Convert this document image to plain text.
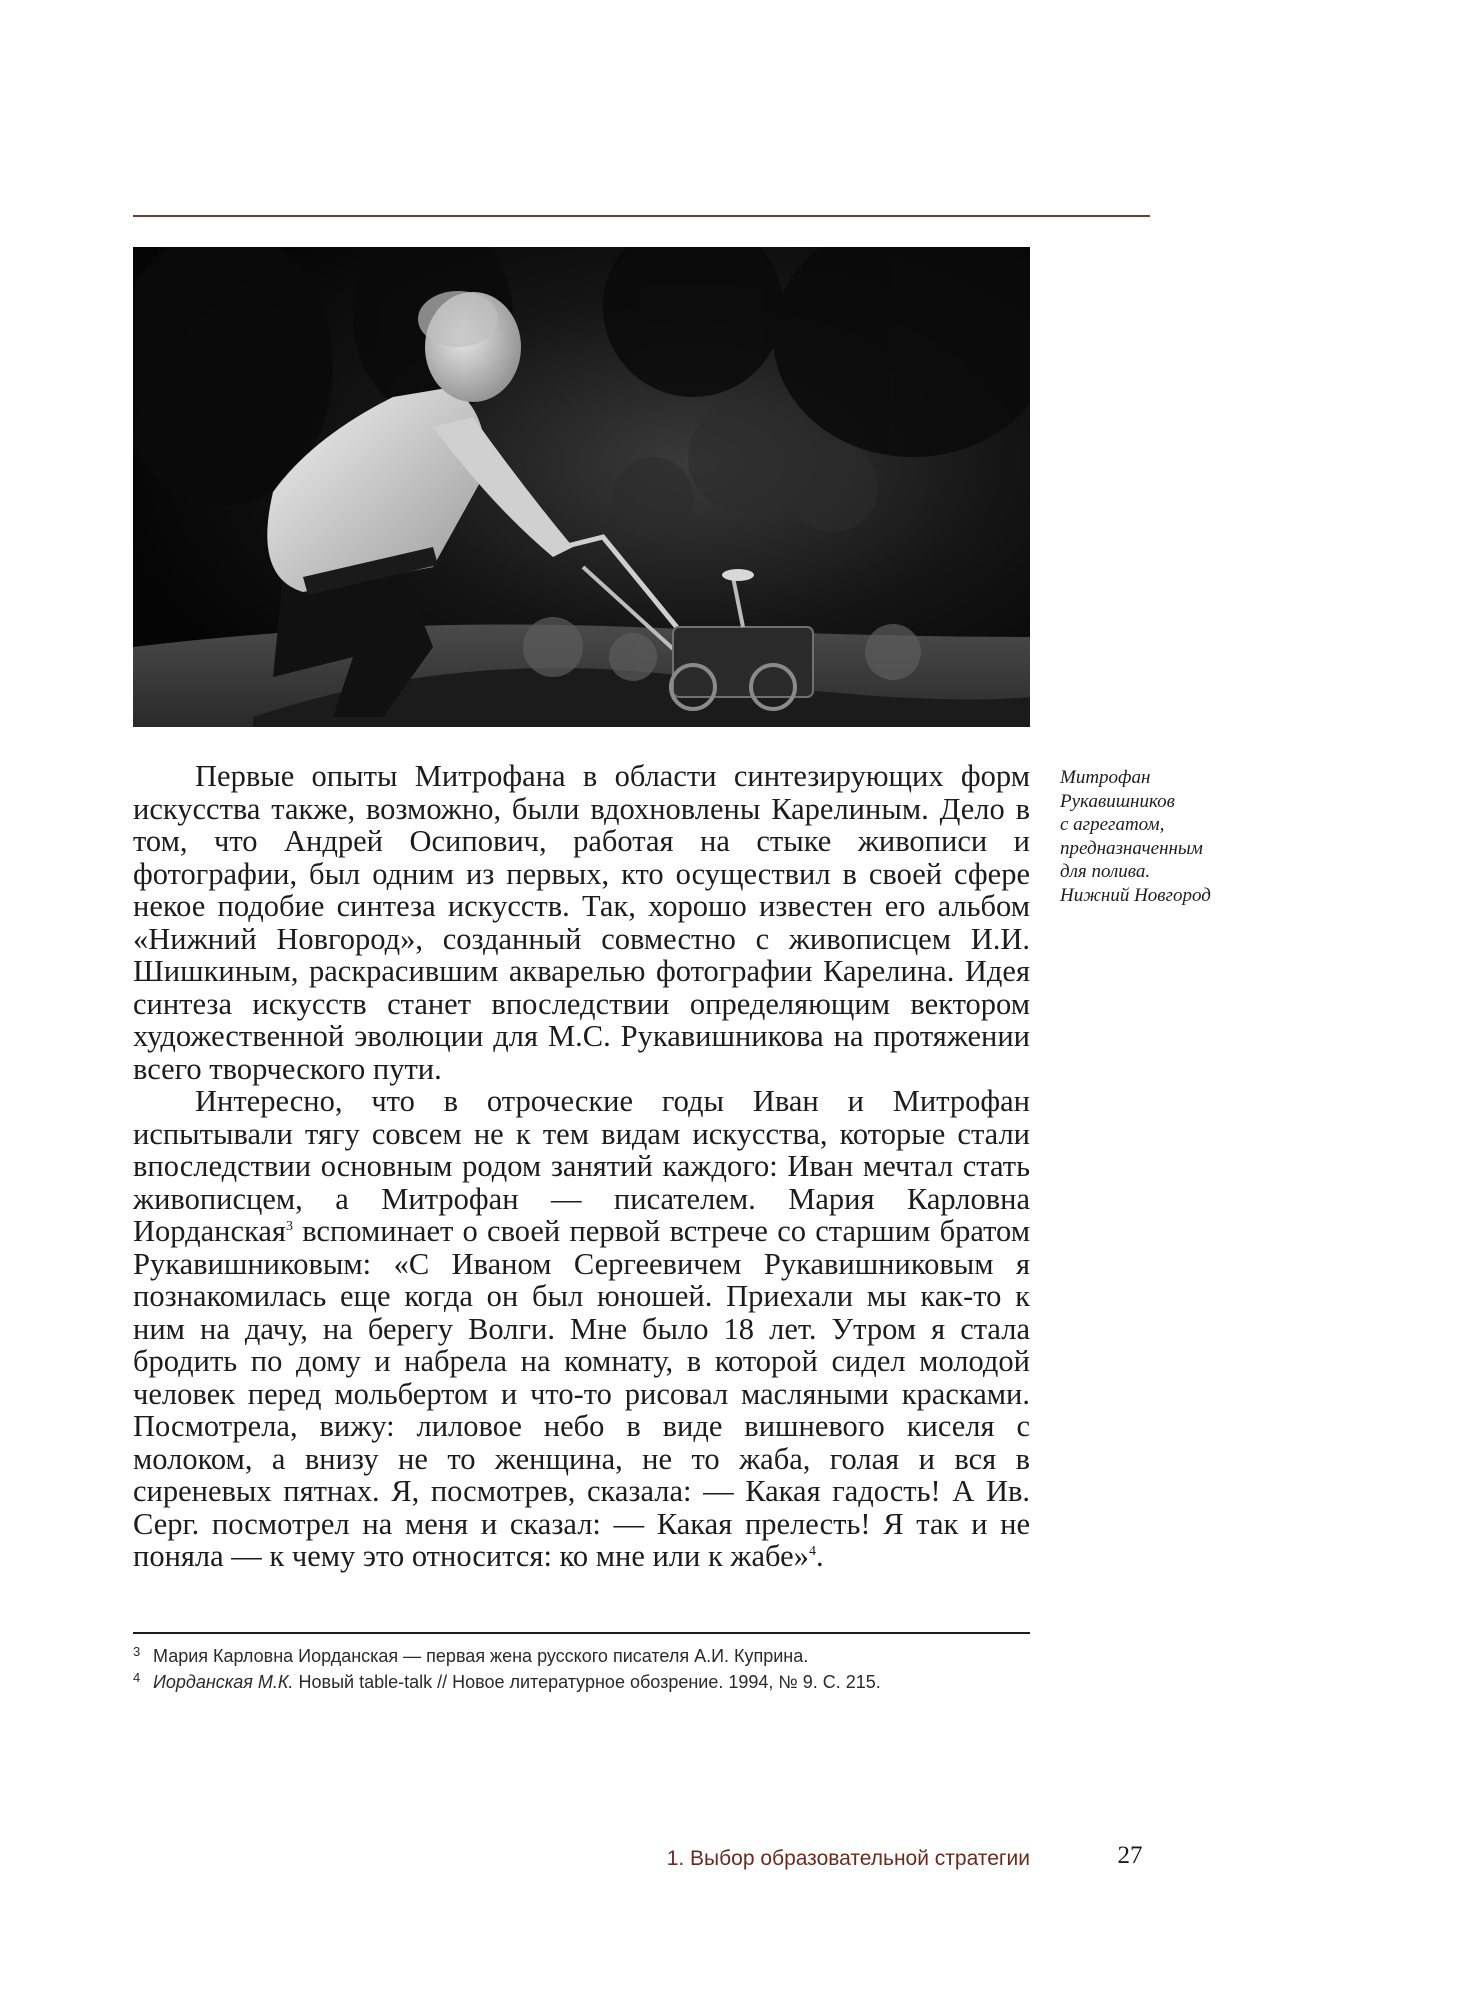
Первые опыты Митрофана в области синтезирующих форм искусства также, возможно, были вдохновлены Карелиным. Дело в том, что Андрей Осипович, работая на стыке живописи и фотографии, был одним из первых, кто осуществил в своей сфере некое подобие синтеза искусств. Так, хорошо известен его альбом «Нижний Новгород», созданный совместно с живописцем И.И. Шишкиным, раскрасившим акварелью фотографии Карелина. Идея синтеза искусств станет впоследствии определяющим вектором художественной эволюции для М.С. Рукавишникова на протяжении всего творческого пути.

Интересно, что в отроческие годы Иван и Митрофан испытывали тягу совсем не к тем видам искусства, которые стали впоследствии основным родом занятий каждого: Иван мечтал стать живописцем, а Митрофан — писателем. Мария Карловна Иорданская$^3$ вспоминает о своей первой встрече со старшим братом Рукавишниковым: «С Иваном Сергеевичем Рукавишниковым я познакомилась еще когда он был юношей. Приехали мы как-то к ним на дачу, на берегу Волги. Мне было 18 лет. Утром я стала бродить по дому и набрела на комнату, в которой сидел молодой человек перед мольбертом и что-то рисовал масляными красками. Посмотрела, вижу: лиловое небо в виде вишневого киселя с молоком, а внизу не то женщина, не то жаба, голая и вся в сиреневых пятнах. Я, посмотрев, сказала: — Какая гадость! А Ив. Серг. посмотрел на меня и сказал: — Какая прелесть! Я так и не поняла — к чему это относится: ко мне или к жабе»$^4$.

Митрофан
Рукавишников
с агрегатом,
предназначенным
для полива.
Нижний Новгород
3 Мария Карловна Иорданская — первая жена русского писателя А.И. Куприна.
4 Иорданская М.К. Новый table-talk // Новое литературное обозрение. 1994, № 9. С. 215.
1. Выбор образовательной стратегии	27
